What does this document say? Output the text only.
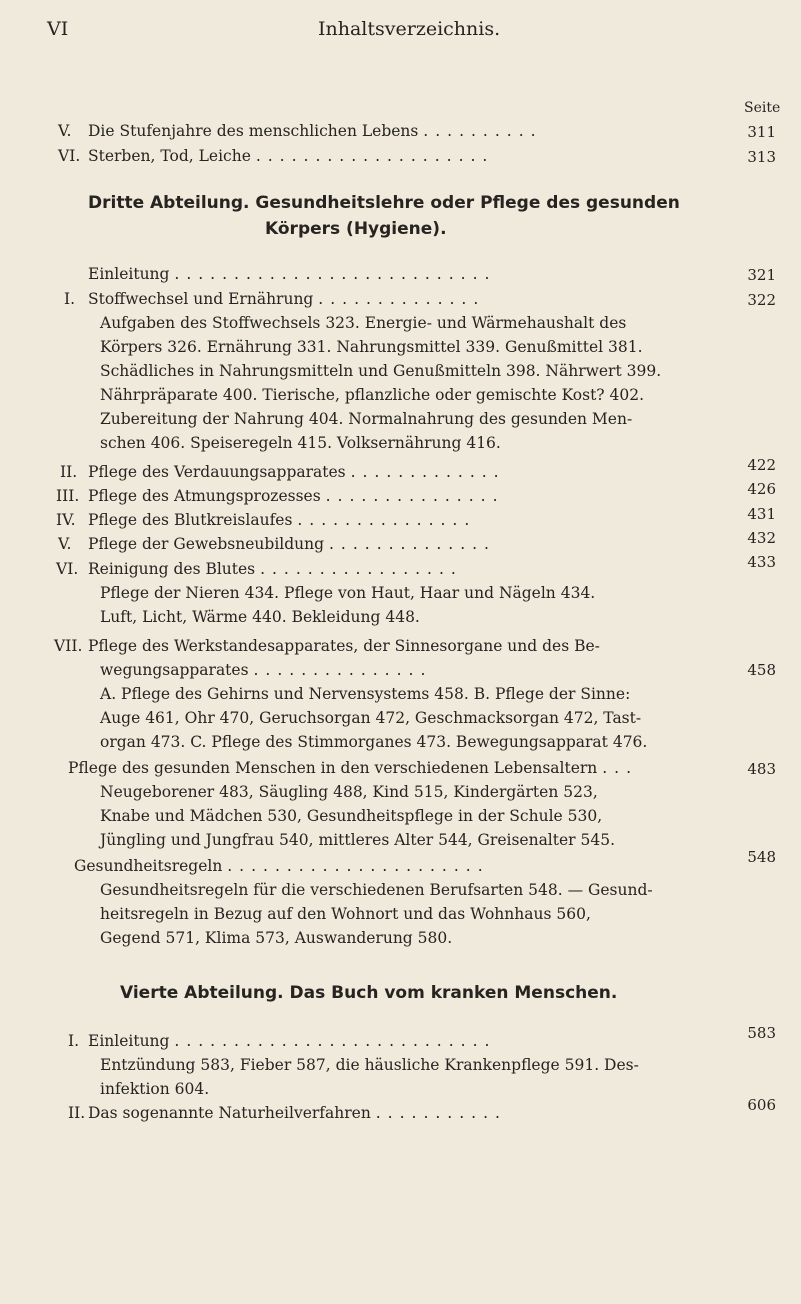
VI	Inhaltsverzeichnis.
Seite
V. Die Stufenjahre des menschlichen Lebens ..........	311
VI. Sterben, Tod, Leiche ....................	313
Dritte Abteilung. Gesundheitslehre oder Pflege des gesunden
Körpers (Hygiene).
Einleitung ...........................	321
I. Stoffwechsel und Ernährung ..............	322
Aufgaben des Stoffwechsels 323. Energie- und Wärmehaushalt des
Körpers 326. Ernährung 331. Nahrungsmittel 339. Genußmittel 381.
Schädliches in Nahrungsmitteln und Genußmitteln 398. Nährwert 399.
Nährpräparate 400. Tierische, pflanzliche oder gemischte Kost? 402.
Zubereitung der Nahrung 404. Normalnahrung des gesunden Men-
schen 406. Speiseregeln 415. Volksernährung 416.
II. Pflege des Verdauungsapparates .............	422
III. Pflege des Atmungsprozesses ...............	426
IV. Pflege des Blutkreislaufes ...............	431
V. Pflege der Gewebsneubildung ..............	432
VI. Reinigung des Blutes .................	433
Pflege der Nieren 434. Pflege von Haut, Haar und Nägeln 434.
Luft, Licht, Wärme 440. Bekleidung 448.
VII. Pflege des Werkstandesapparates, der Sinnesorgane und des Be-
wegungsapparates ...............	458
A. Pflege des Gehirns und Nervensystems 458. B. Pflege der Sinne:
Auge 461, Ohr 470, Geruchsorgan 472, Geschmacksorgan 472, Tast-
organ 473. C. Pflege des Stimmorganes 473. Bewegungsapparat 476.
Pflege des gesunden Menschen in den verschiedenen Lebensaltern ...	483
Neugeborener 483, Säugling 488, Kind 515, Kindergärten 523,
Knabe und Mädchen 530, Gesundheitspflege in der Schule 530,
Jüngling und Jungfrau 540, mittleres Alter 544, Greisenalter 545.
Gesundheitsregeln ......................	548
Gesundheitsregeln für die verschiedenen Berufsarten 548. — Gesund-
heitsregeln in Bezug auf den Wohnort und das Wohnhaus 560,
Gegend 571, Klima 573, Auswanderung 580.
Vierte Abteilung. Das Buch vom kranken Menschen.
I. Einleitung ...........................	583
Entzündung 583, Fieber 587, die häusliche Krankenpflege 591. Des-
infektion 604.
II. Das sogenannte Naturheilverfahren ...........	606
